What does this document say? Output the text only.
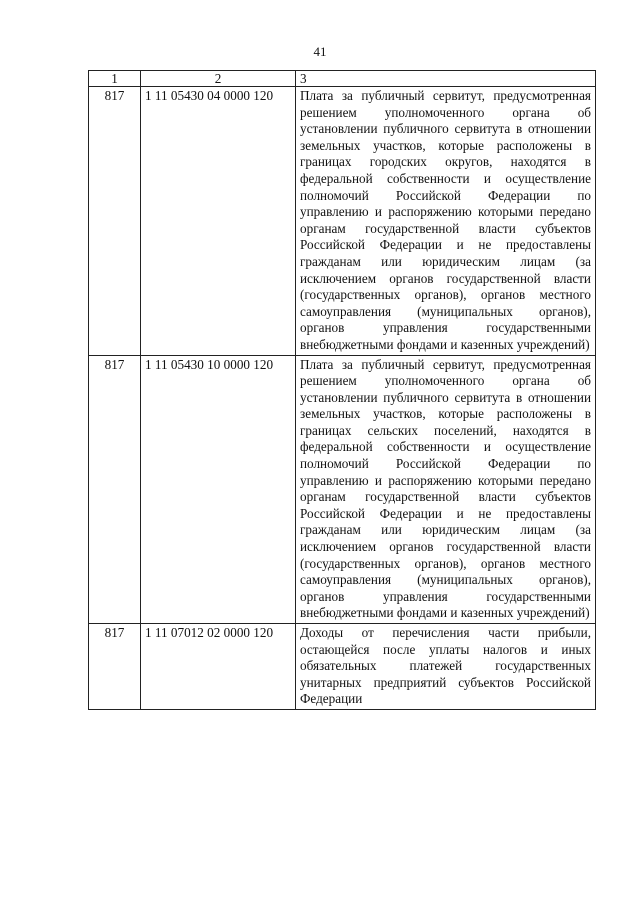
41
1	2	3
817	1 11 05430 04 0000 120	Плата за публичный сервитут, предусмотренная решением уполномоченного органа об установлении публичного сервитута в отношении земельных участков, которые расположены в границах городских округов, находятся в федеральной собственности и осуществление полномочий Российской Федерации по управлению и распоряжению которыми передано органам государственной власти субъектов Российской Федерации и не предоставлены гражданам или юридическим лицам (за исключением органов государственной власти (государственных органов), органов местного самоуправления (муниципальных органов), органов управления государственными внебюджетными фондами и казенных учреждений)
817	1 11 05430 10 0000 120	Плата за публичный сервитут, предусмотренная решением уполномоченного органа об установлении публичного сервитута в отношении земельных участков, которые расположены в границах сельских поселений, находятся в федеральной собственности и осуществление полномочий Российской Федерации по управлению и распоряжению которыми передано органам государственной власти субъектов Российской Федерации и не предоставлены гражданам или юридическим лицам (за исключением органов государственной власти (государственных органов), органов местного самоуправления (муниципальных органов), органов управления государственными внебюджетными фондами и казенных учреждений)
817	1 11 07012 02 0000 120	Доходы от перечисления части прибыли, остающейся после уплаты налогов и иных обязательных платежей государственных унитарных предприятий субъектов Российской Федерации
